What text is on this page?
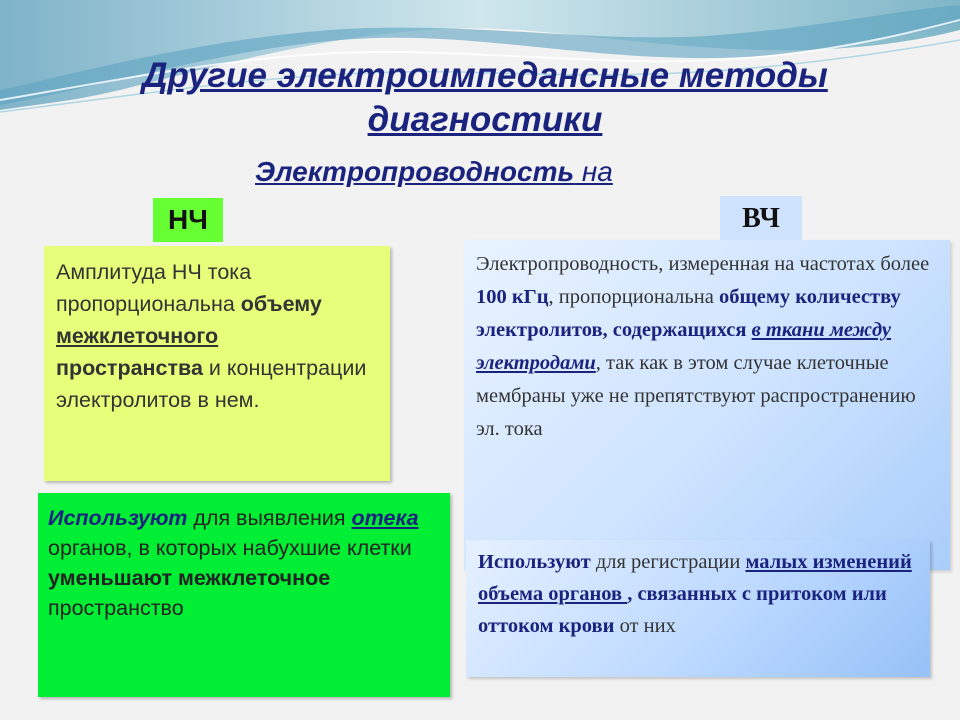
Другие электроимпедансные методы
диагностики
Электропроводность на
НЧ	ВЧ
Электропроводность, измеренная на частотах более 100 кГц, пропорциональна общему количеству электролитов, содержащихся в ткани между электродами, так как в этом случае клеточные мембраны уже не препятствуют распространению эл. тока
Используют для регистрации малых изменений объема органов , связанных с притоком или оттоком крови от них
Амплитуда НЧ тока пропорциональна объему
межклеточного
пространства и концентрации электролитов в нем.
Используют для выявления отека органов, в которых набухшие клетки уменьшают межклеточное пространство
